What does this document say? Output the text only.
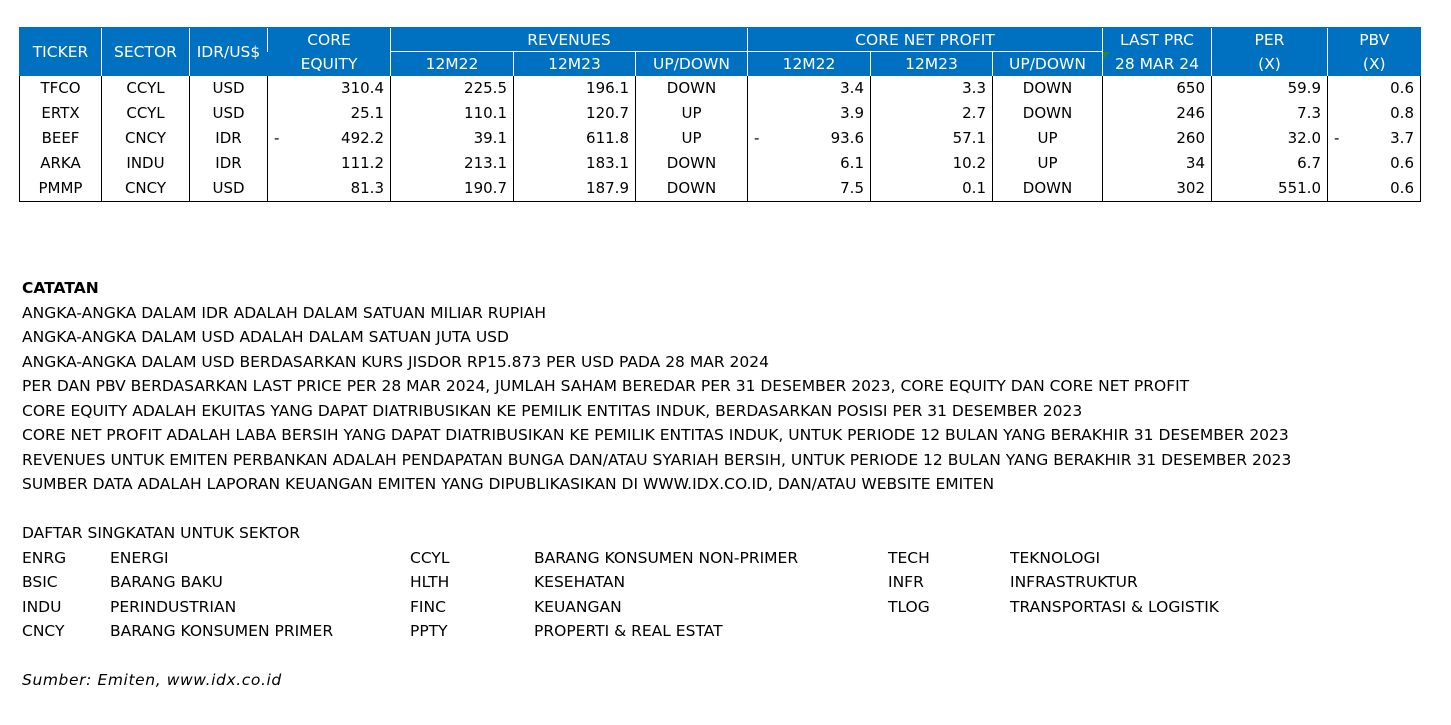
TICKER	SECTOR	IDR/US$	CORE	REVENUES			CORE NET PROFIT			LAST PRC	PER	PBV
			EQUITY	12M22	12M23	UP/DOWN	12M22	12M23	UP/DOWN	28 MAR 24	(X)	(X)
TFCO	CCYL	USD	310.4	225.5	196.1	DOWN	3.4	3.3	DOWN	650	59.9	0.6

ERTX	CCYL	USD	25.1	110.1	120.7	UP	3.9	2.7	DOWN	246	7.3	0.8

BEEF	CNCY	IDR	- 492.2	39.1	611.8	UP	- 93.6	57.1	UP	260	32.0	- 3.7

ARKA	INDU	IDR	111.2	213.1	183.1	DOWN	6.1	10.2	UP	34	6.7	0.6

PMMP	CNCY	USD	81.3	190.7	187.9	DOWN	7.5	0.1	DOWN	302	551.0	0.6
CATATAN
ANGKA-ANGKA DALAM IDR ADALAH DALAM SATUAN MILIAR RUPIAH
ANGKA-ANGKA DALAM USD ADALAH DALAM SATUAN JUTA USD
ANGKA-ANGKA DALAM USD BERDASARKAN KURS JISDOR RP15.873 PER USD PADA 28 MAR 2024
PER DAN PBV BERDASARKAN LAST PRICE PER 28 MAR 2024, JUMLAH SAHAM BEREDAR PER 31 DESEMBER 2023, CORE EQUITY DAN CORE NET PROFIT
CORE EQUITY ADALAH EKUITAS YANG DAPAT DIATRIBUSIKAN KE PEMILIK ENTITAS INDUK, BERDASARKAN POSISI PER 31 DESEMBER 2023
CORE NET PROFIT ADALAH LABA BERSIH YANG DAPAT DIATRIBUSIKAN KE PEMILIK ENTITAS INDUK, UNTUK PERIODE 12 BULAN YANG BERAKHIR 31 DESEMBER 2023
REVENUES UNTUK EMITEN PERBANKAN ADALAH PENDAPATAN BUNGA DAN/ATAU SYARIAH BERSIH, UNTUK PERIODE 12 BULAN YANG BERAKHIR 31 DESEMBER 2023
SUMBER DATA ADALAH LAPORAN KEUANGAN EMITEN YANG DIPUBLIKASIKAN DI WWW.IDX.CO.ID, DAN/ATAU WEBSITE EMITEN
DAFTAR SINGKATAN UNTUK SEKTOR
ENRG	ENERGI	CCYL	BARANG KONSUMEN NON-PRIMER	TECH	TEKNOLOGI
BSIC	BARANG BAKU	HLTH	KESEHATAN	INFR	INFRASTRUKTUR
INDU	PERINDUSTRIAN	FINC	KEUANGAN	TLOG	TRANSPORTASI & LOGISTIK
CNCY	BARANG KONSUMEN PRIMER	PPTY	PROPERTI & REAL ESTAT
Sumber: Emiten, www.idx.co.id
